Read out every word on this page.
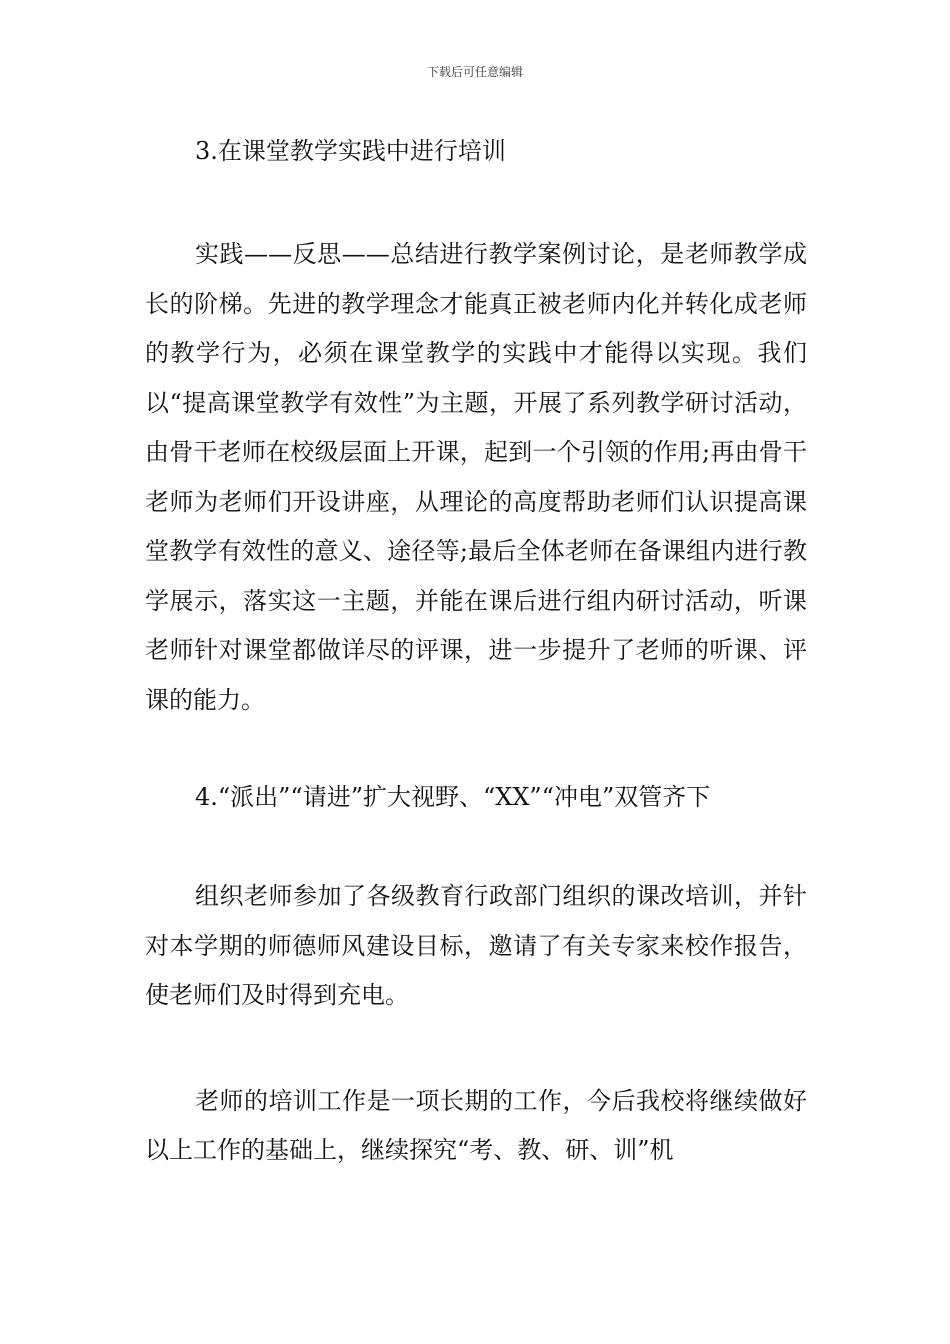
下载后可任意编辑

3.在课堂教学实践中进行培训

实践——反思——总结进行教学案例讨论，是老师教学成长的阶梯。先进的教学理念才能真正被老师内化并转化成老师的教学行为，必须在课堂教学的实践中才能得以实现。我们以“提高课堂教学有效性”为主题，开展了系列教学研讨活动，由骨干老师在校级层面上开课，起到一个引领的作用;再由骨干老师为老师们开设讲座，从理论的高度帮助老师们认识提高课堂教学有效性的意义、途径等;最后全体老师在备课组内进行教学展示，落实这一主题，并能在课后进行组内研讨活动，听课老师针对课堂都做详尽的评课，进一步提升了老师的听课、评课的能力。

4.“派出”“请进”扩大视野、“XX”“冲电”双管齐下

组织老师参加了各级教育行政部门组织的课改培训，并针对本学期的师德师风建设目标，邀请了有关专家来校作报告，使老师们及时得到充电。

老师的培训工作是一项长期的工作，今后我校将继续做好以上工作的基础上，继续探究“考、教、研、训”机
